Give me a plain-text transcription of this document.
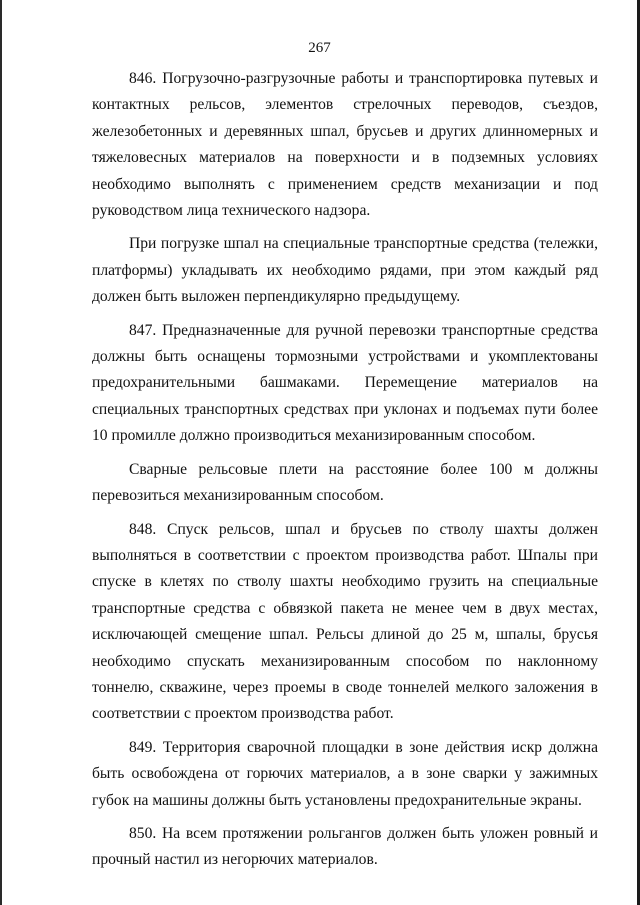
267

846. Погрузочно-разгрузочные работы и транспортировка путевых и контактных рельсов, элементов стрелочных переводов, съездов, железобетонных и деревянных шпал, брусьев и других длинномерных и тяжеловесных материалов на поверхности и в подземных условиях необходимо выполнять с применением средств механизации и под руководством лица технического надзора.

При погрузке шпал на специальные транспортные средства (тележки, платформы) укладывать их необходимо рядами, при этом каждый ряд должен быть выложен перпендикулярно предыдущему.

847. Предназначенные для ручной перевозки транспортные средства должны быть оснащены тормозными устройствами и укомплектованы предохранительными башмаками. Перемещение материалов на специальных транспортных средствах при уклонах и подъемах пути более 10 промилле должно производиться механизированным способом.

Сварные рельсовые плети на расстояние более 100 м должны перевозиться механизированным способом.

848. Спуск рельсов, шпал и брусьев по стволу шахты должен выполняться в соответствии с проектом производства работ. Шпалы при спуске в клетях по стволу шахты необходимо грузить на специальные транспортные средства с обвязкой пакета не менее чем в двух местах, исключающей смещение шпал. Рельсы длиной до 25 м, шпалы, брусья необходимо спускать механизированным способом по наклонному тоннелю, скважине, через проемы в своде тоннелей мелкого заложения в соответствии с проектом производства работ.

849. Территория сварочной площадки в зоне действия искр должна быть освобождена от горючих материалов, а в зоне сварки у зажимных губок на машины должны быть установлены предохранительные экраны.

850. На всем протяжении рольгангов должен быть уложен ровный и прочный настил из негорючих материалов.
